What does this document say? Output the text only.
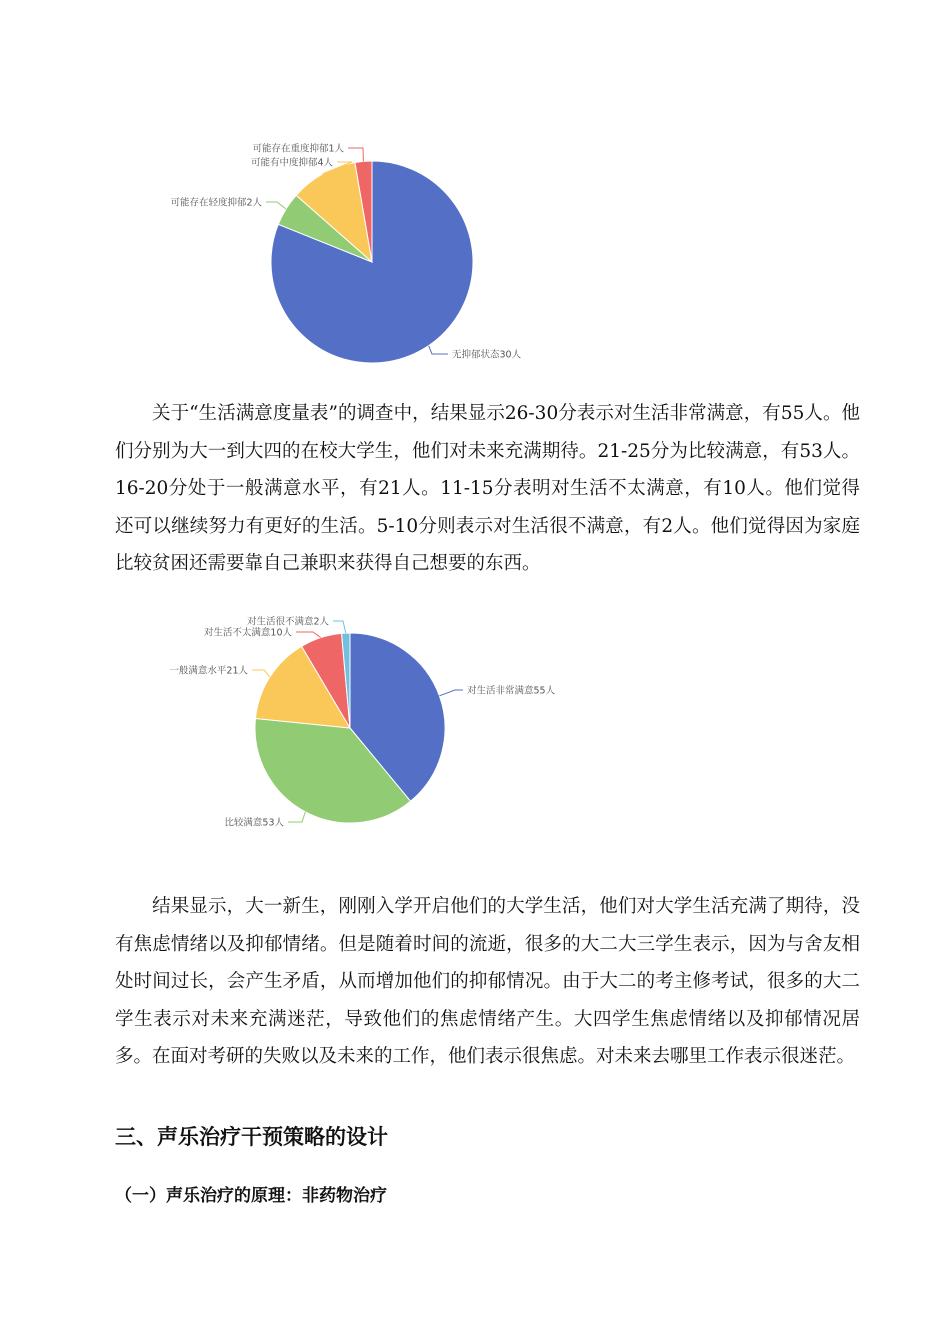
无抑郁状态30人
可能存在轻度抑郁2人
可能有中度抑郁4人
可能存在重度抑郁1人
对生活非常满意55人
比较满意53人
一般满意水平21人
对生活不太满意10人
对生活很不满意2人

关于“生活满意度量表”的调查中，结果显示26-30分表示对生活非常满意，有55人。他们分别为大一到大四的在校大学生，他们对未来充满期待。21-25分为比较满意，有53人。16-20分处于一般满意水平，有21人。11-15分表明对生活不太满意，有10人。他们觉得还可以继续努力有更好的生活。5-10分则表示对生活很不满意，有2人。他们觉得因为家庭比较贫困还需要靠自己兼职来获得自己想要的东西。

结果显示，大一新生，刚刚入学开启他们的大学生活，他们对大学生活充满了期待，没有焦虑情绪以及抑郁情绪。但是随着时间的流逝，很多的大二大三学生表示，因为与舍友相处时间过长，会产生矛盾，从而增加他们的抑郁情况。由于大二的考主修考试，很多的大二学生表示对未来充满迷茫，导致他们的焦虑情绪产生。大四学生焦虑情绪以及抑郁情况居多。在面对考研的失败以及未来的工作，他们表示很焦虑。对未来去哪里工作表示很迷茫。

三、声乐治疗干预策略的设计
（一）声乐治疗的原理：非药物治疗
